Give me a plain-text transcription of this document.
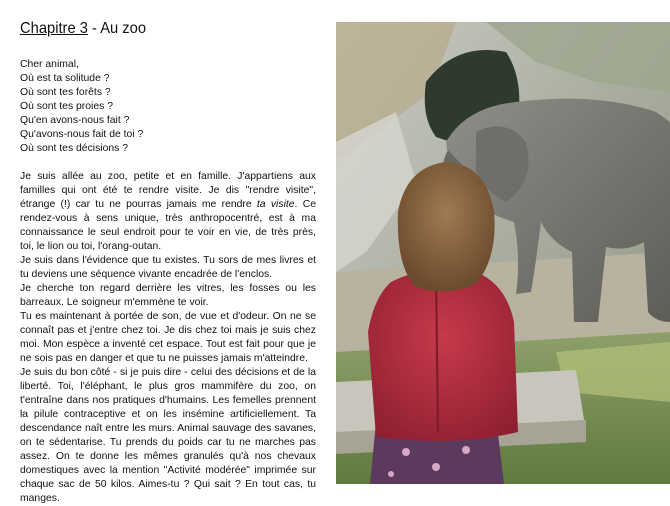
Chapitre 3 - Au zoo
Cher animal,
Où est ta solitude ?
Où sont tes forêts ?
Où sont tes proies ?
Qu'en avons-nous fait ?
Qu'avons-nous fait de toi ?
Où sont tes décisions ?

Je suis allée au zoo, petite et en famille. J'appartiens aux familles qui ont été te rendre visite. Je dis "rendre visite", étrange (!) car tu ne pourras jamais me rendre ta visite. Ce rendez-vous à sens unique, très anthropocentré, est à ma connaissance le seul endroit pour te voir en vie, de très près, toi, le lion ou toi, l'orang-outan.

Je suis dans l'évidence que tu existes. Tu sors de mes livres et tu deviens une séquence vivante encadrée de l'enclos.

Je cherche ton regard derrière les vitres, les fosses ou les barreaux. Le soigneur m'emmène te voir.

Tu es maintenant à portée de son, de vue et d'odeur. On ne se connaît pas et j'entre chez toi. Je dis chez toi mais je suis chez moi. Mon espèce a inventé cet espace. Tout est fait pour que je ne sois pas en danger et que tu ne puisses jamais m'atteindre.

Je suis du bon côté - si je puis dire - celui des décisions et de la liberté. Toi, l'éléphant, le plus gros mammifère du zoo, on t'entraîne dans nos pratiques d'humains. Les femelles prennent la pilule contraceptive et on les insémine artificiellement. Ta descendance naît entre les murs. Animal sauvage des savanes, on te sédentarise. Tu prends du poids car tu ne marches pas assez. On te donne les mêmes granulés qu'à nos chevaux domestiques avec la mention "Activité modérée" imprimée sur chaque sac de 50 kilos. Aimes-tu ? Qui sait ? En tout cas, tu manges.
